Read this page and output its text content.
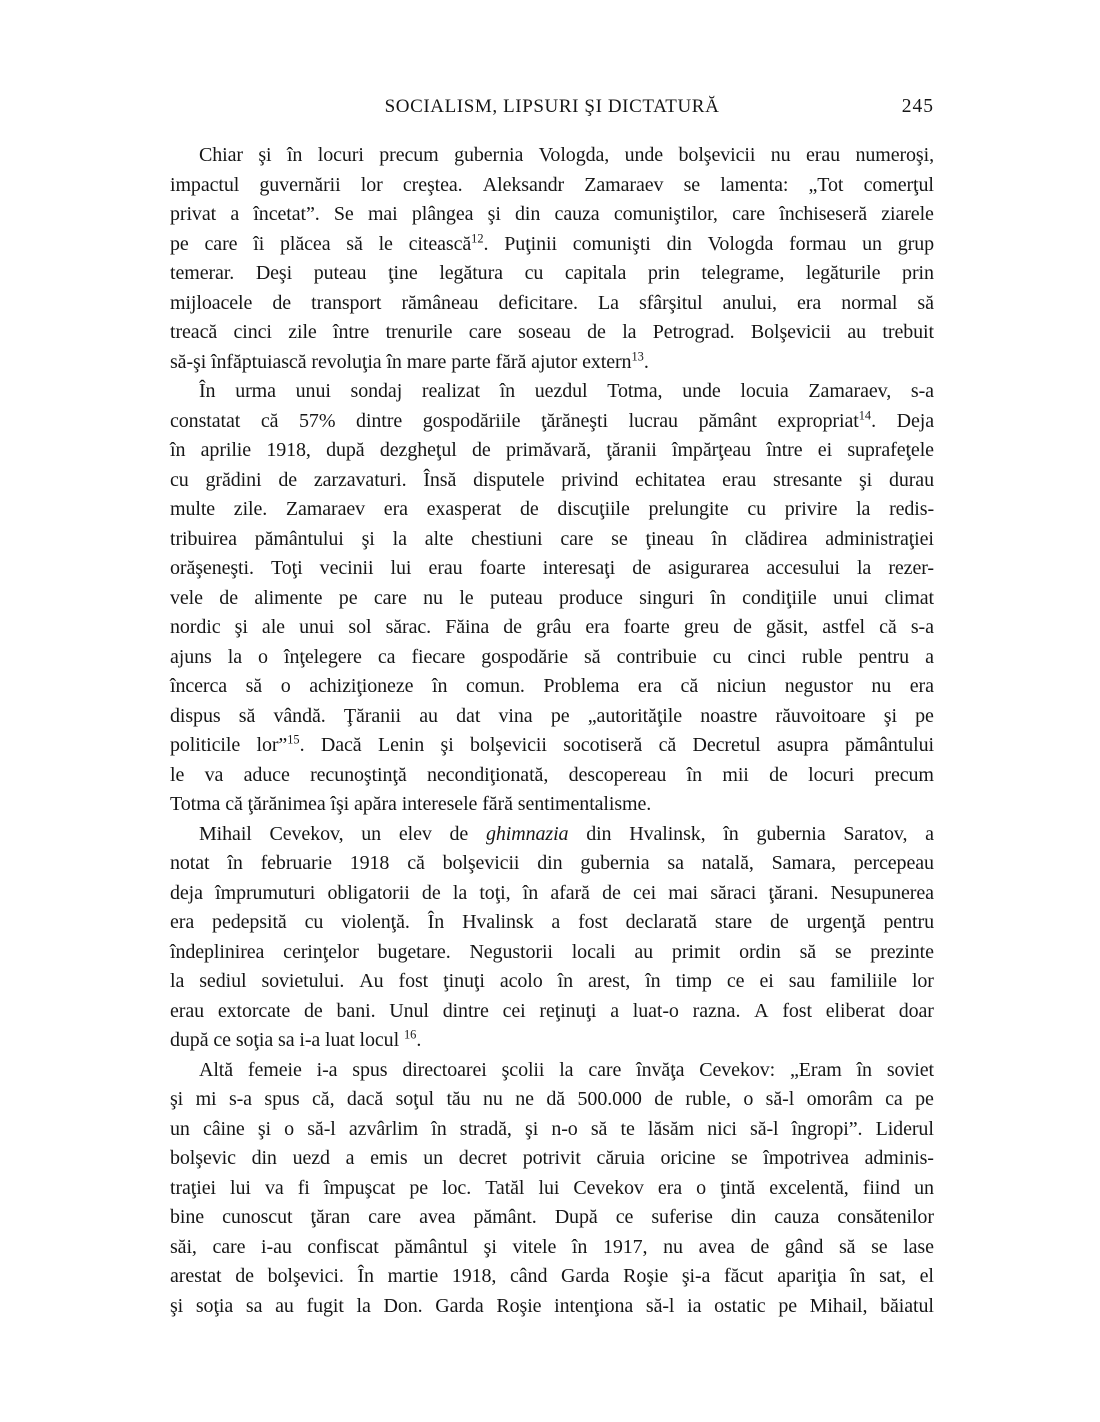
SOCIALISM, LIPSURI ŞI DICTATURĂ	245
Chiar şi în locuri precum gubernia Vologda, unde bolşevicii nu erau numeroşi,
impactul guvernării lor creştea. Aleksandr Zamaraev se lamenta: „Tot comerţul
privat a încetat”. Se mai plângea şi din cauza comuniştilor, care închiseseră ziarele
pe care îi plăcea să le citească$^{12}$. Puţinii comunişti din Vologda formau un grup
temerar. Deşi puteau ţine legătura cu capitala prin telegrame, legăturile prin
mijloacele de transport rămâneau deficitare. La sfârşitul anului, era normal să
treacă cinci zile între trenurile care soseau de la Petrograd. Bolşevicii au trebuit
să-şi înfăptuiască revoluţia în mare parte fără ajutor extern$^{13}$.
În urma unui sondaj realizat în uezdul Totma, unde locuia Zamaraev, s-a
constatat că 57% dintre gospodăriile ţărăneşti lucrau pământ expropriat$^{14}$. Deja
în aprilie 1918, după dezgheţul de primăvară, ţăranii împărţeau între ei suprafeţele
cu grădini de zarzavaturi. Însă disputele privind echitatea erau stresante şi durau
multe zile. Zamaraev era exasperat de discuţiile prelungite cu privire la redis-
tribuirea pământului şi la alte chestiuni care se ţineau în clădirea administraţiei
orăşeneşti. Toţi vecinii lui erau foarte interesaţi de asigurarea accesului la rezer-
vele de alimente pe care nu le puteau produce singuri în condiţiile unui climat
nordic şi ale unui sol sărac. Făina de grâu era foarte greu de găsit, astfel că s-a
ajuns la o înţelegere ca fiecare gospodărie să contribuie cu cinci ruble pentru a
încerca să o achiziţioneze în comun. Problema era că niciun negustor nu era
dispus să vândă. Ţăranii au dat vina pe „autorităţile noastre răuvoitoare şi pe
politicile lor”$^{15}$. Dacă Lenin şi bolşevicii socotiseră că Decretul asupra pământului
le va aduce recunoştinţă necondiţionată, descopereau în mii de locuri precum
Totma că ţărănimea îşi apăra interesele fără sentimentalisme.
Mihail Cevekov, un elev de ghimnazia din Hvalinsk, în gubernia Saratov, a
notat în februarie 1918 că bolşevicii din gubernia sa natală, Samara, percepeau
deja împrumuturi obligatorii de la toţi, în afară de cei mai săraci ţărani. Nesupunerea
era pedepsită cu violenţă. În Hvalinsk a fost declarată stare de urgenţă pentru
îndeplinirea cerinţelor bugetare. Negustorii locali au primit ordin să se prezinte
la sediul sovietului. Au fost ţinuţi acolo în arest, în timp ce ei sau familiile lor
erau extorcate de bani. Unul dintre cei reţinuţi a luat-o razna. A fost eliberat doar
după ce soţia sa i-a luat locul $^{16}$.
Altă femeie i-a spus directoarei şcolii la care învăţa Cevekov: „Eram în soviet
şi mi s-a spus că, dacă soţul tău nu ne dă 500.000 de ruble, o să-l omorâm ca pe
un câine şi o să-l azvârlim în stradă, şi n-o să te lăsăm nici să-l îngropi”. Liderul
bolşevic din uezd a emis un decret potrivit căruia oricine se împotrivea adminis-
traţiei lui va fi împuşcat pe loc. Tatăl lui Cevekov era o ţintă excelentă, fiind un
bine cunoscut ţăran care avea pământ. După ce suferise din cauza consătenilor
săi, care i-au confiscat pământul şi vitele în 1917, nu avea de gând să se lase
arestat de bolşevici. În martie 1918, când Garda Roşie şi-a făcut apariţia în sat, el
şi soţia sa au fugit la Don. Garda Roşie intenţiona să-l ia ostatic pe Mihail, băiatul
